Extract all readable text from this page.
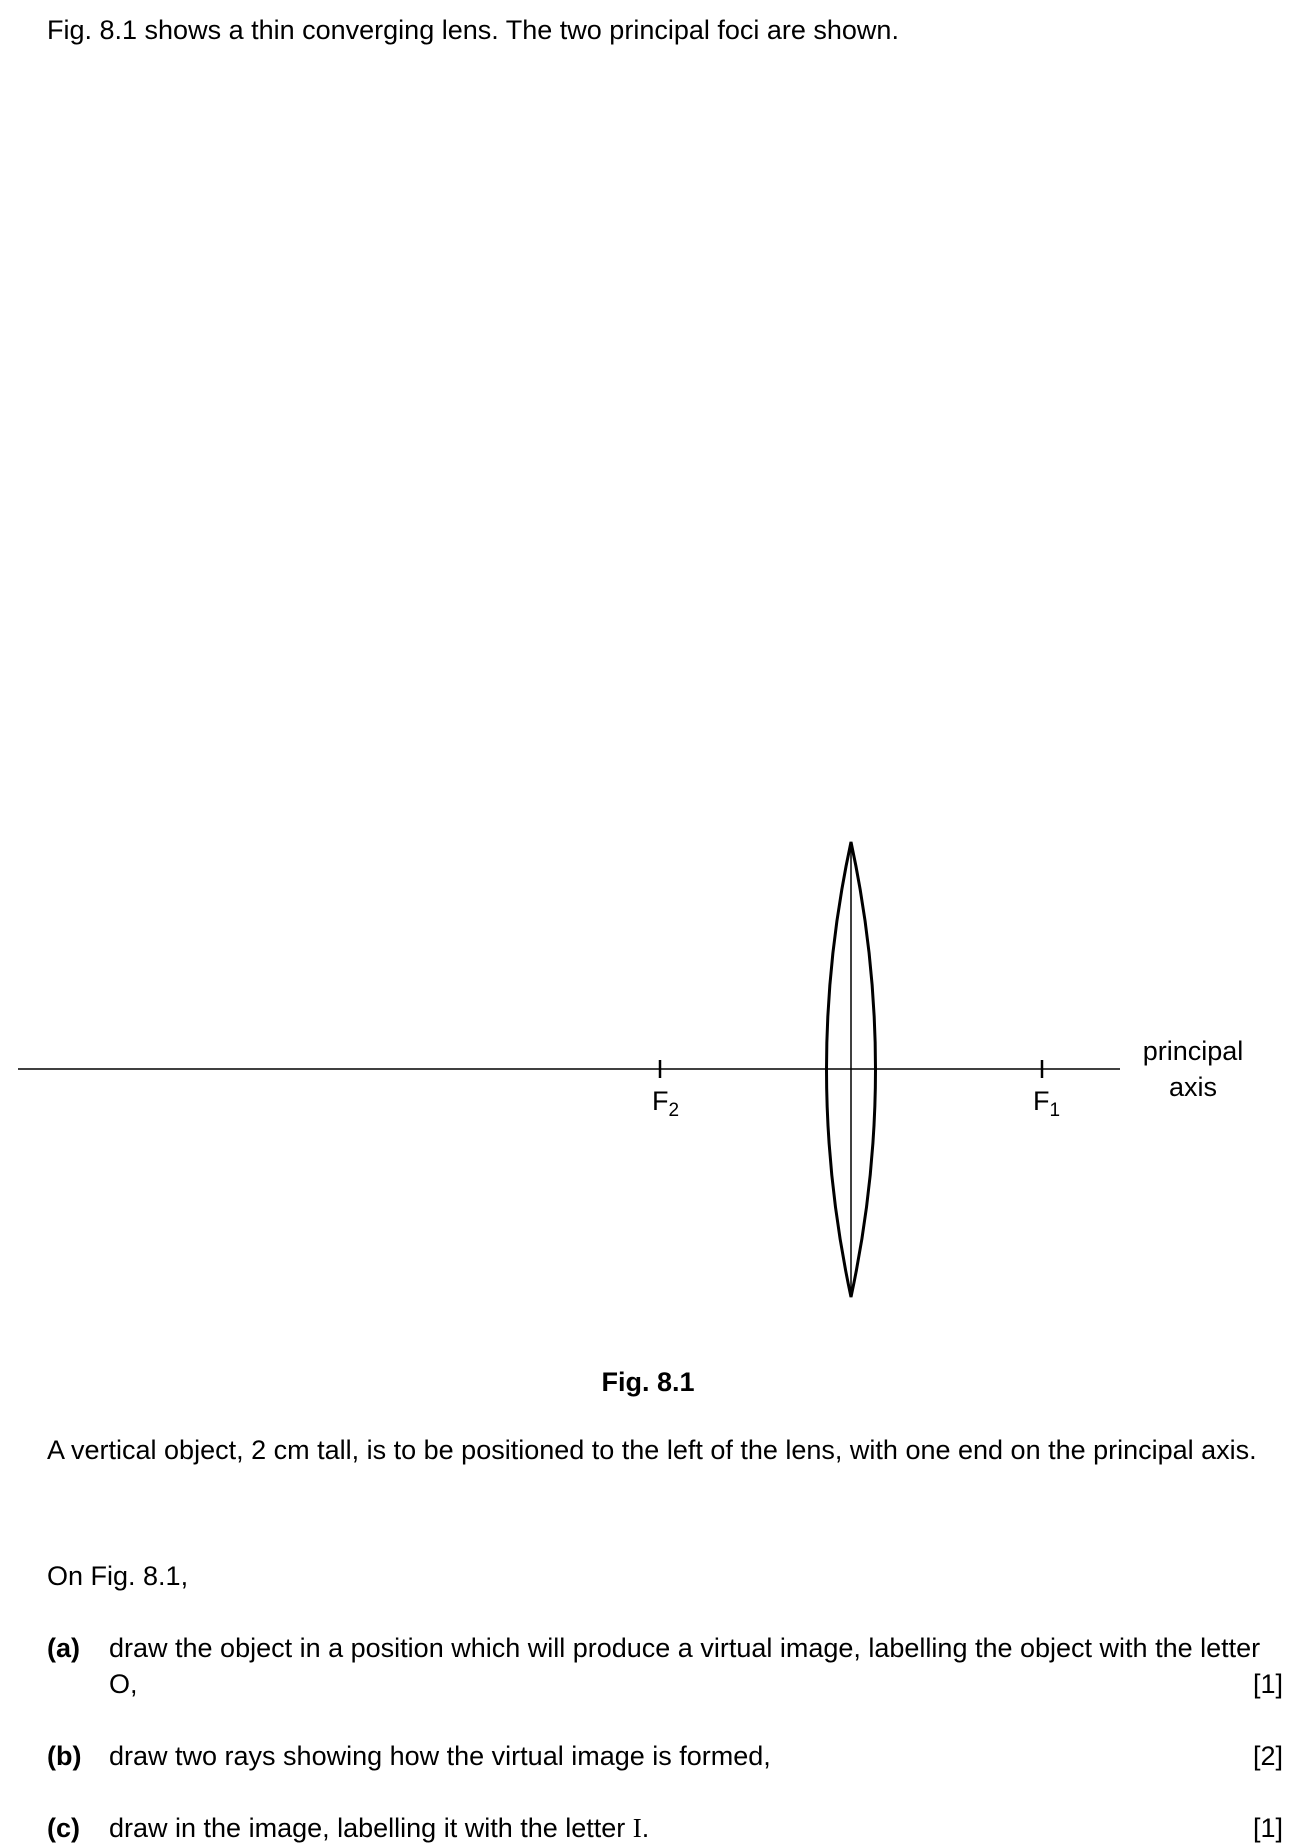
Fig. 8.1 shows a thin converging lens. The two principal foci are shown.
$F_2$	$F_1$
principal
axis
Fig. 8.1
A vertical object, 2 cm tall, is to be positioned to the left of the lens, with one end on the principal axis.
On Fig. 8.1,
(a) draw the object in a position which will produce a virtual image, labelling the object with the letter O,	[1]
(b) draw two rays showing how the virtual image is formed,	[2]
(c) draw in the image, labelling it with the letter I.	[1]
